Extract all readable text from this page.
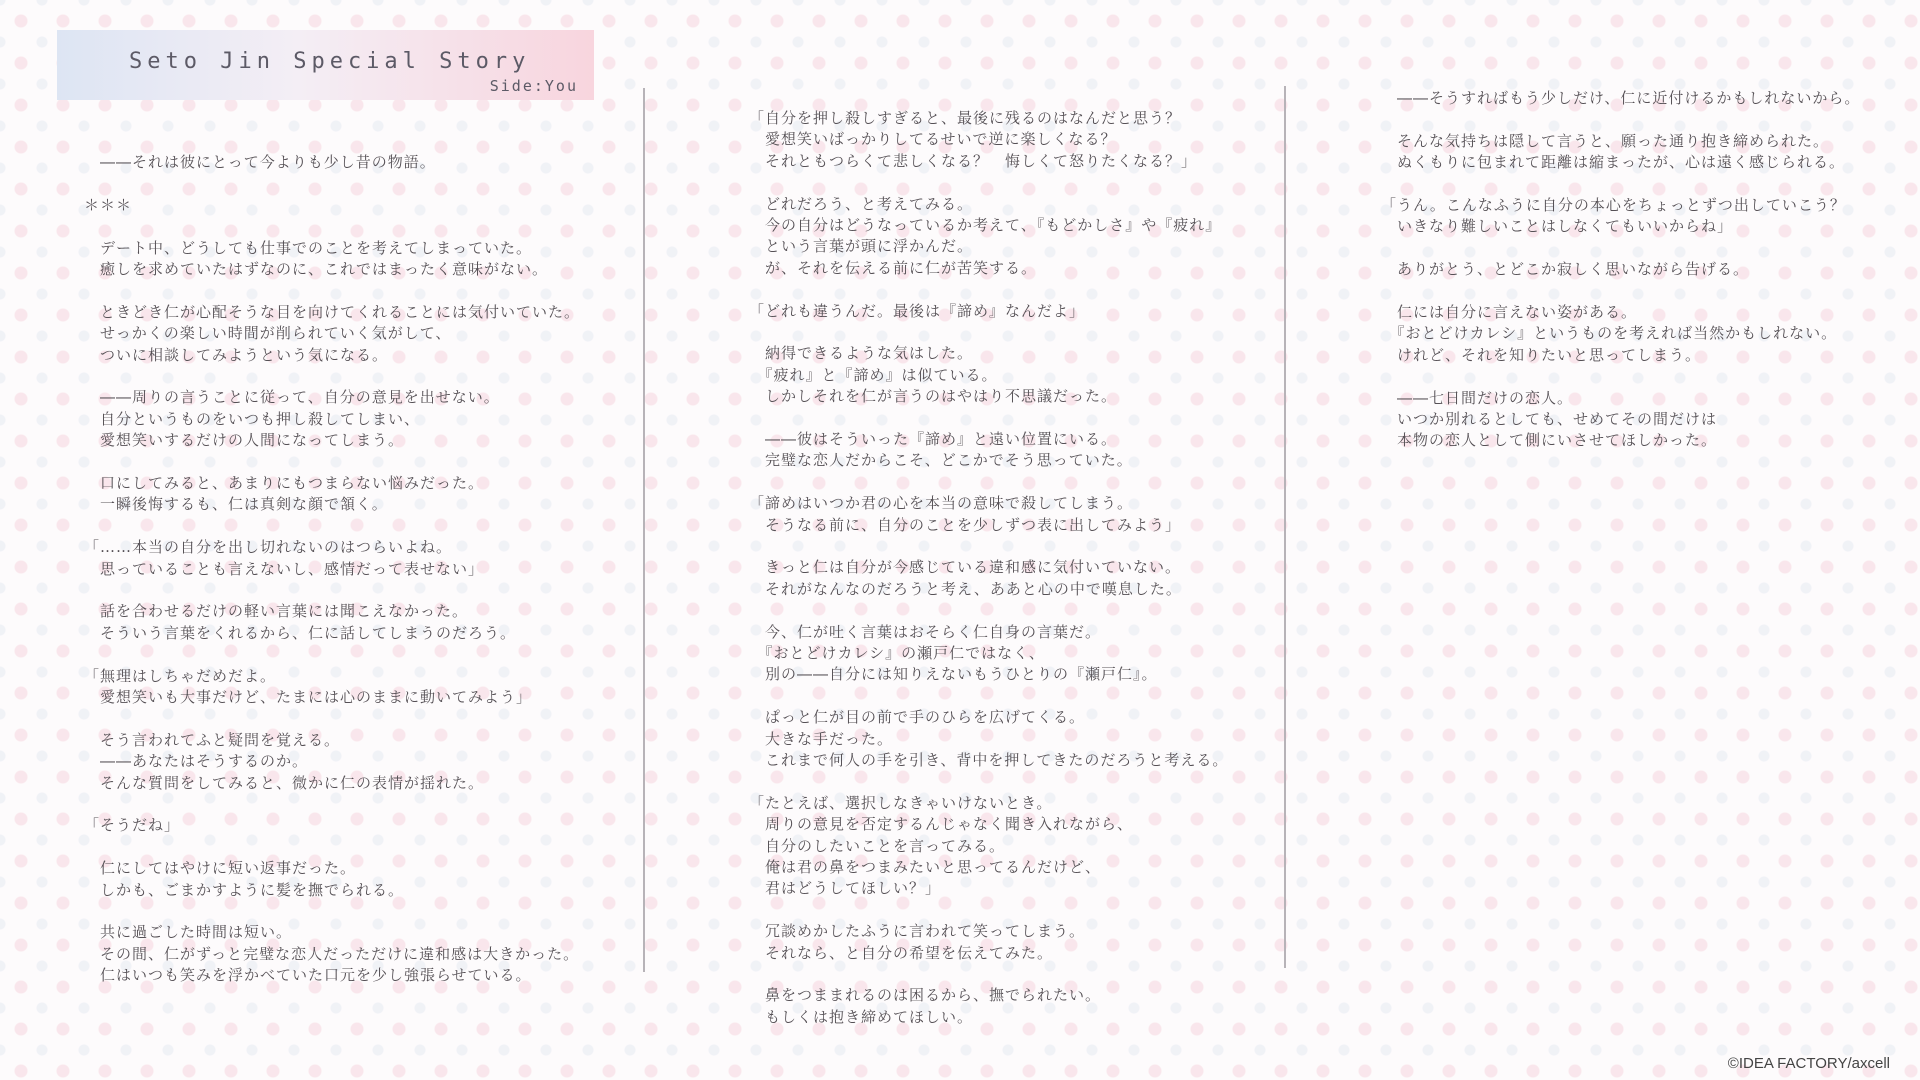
Seto Jin Special Story
Side:You

　――それは彼にとって今よりも少し昔の物語。

＊＊＊

　デート中、どうしても仕事でのことを考えてしまっていた。
　癒しを求めていたはずなのに、これではまったく意味がない。

　ときどき仁が心配そうな目を向けてくれることには気付いていた。
　せっかくの楽しい時間が削られていく気がして、
　ついに相談してみようという気になる。

　――周りの言うことに従って、自分の意見を出せない。
　自分というものをいつも押し殺してしまい、
　愛想笑いするだけの人間になってしまう。

　口にしてみると、あまりにもつまらない悩みだった。
　一瞬後悔するも、仁は真剣な顔で頷く。

「……本当の自分を出し切れないのはつらいよね。
　思っていることも言えないし、感情だって表せない」

　話を合わせるだけの軽い言葉には聞こえなかった。
　そういう言葉をくれるから、仁に話してしまうのだろう。

「無理はしちゃだめだよ。
　愛想笑いも大事だけど、たまには心のままに動いてみよう」

　そう言われてふと疑問を覚える。
　――あなたはそうするのか。
　そんな質問をしてみると、微かに仁の表情が揺れた。

「そうだね」

　仁にしてはやけに短い返事だった。
　しかも、ごまかすように髪を撫でられる。

　共に過ごした時間は短い。
　その間、仁がずっと完璧な恋人だっただけに違和感は大きかった。
　仁はいつも笑みを浮かべていた口元を少し強張らせている。

「自分を押し殺しすぎると、最後に残るのはなんだと思う？
　愛想笑いばっかりしてるせいで逆に楽しくなる？
　それともつらくて悲しくなる？　悔しくて怒りたくなる？」

　どれだろう、と考えてみる。
　今の自分はどうなっているか考えて、『もどかしさ』や『疲れ』
　という言葉が頭に浮かんだ。
　が、それを伝える前に仁が苦笑する。

「どれも違うんだ。最後は『諦め』なんだよ」

　納得できるような気はした。
　『疲れ』と『諦め』は似ている。
　しかしそれを仁が言うのはやはり不思議だった。

　――彼はそういった『諦め』と遠い位置にいる。
　完璧な恋人だからこそ、どこかでそう思っていた。

「諦めはいつか君の心を本当の意味で殺してしまう。
　そうなる前に、自分のことを少しずつ表に出してみよう」

　きっと仁は自分が今感じている違和感に気付いていない。
　それがなんなのだろうと考え、ああと心の中で嘆息した。

　今、仁が吐く言葉はおそらく仁自身の言葉だ。
　『おとどけカレシ』の瀬戸仁ではなく、
　別の――自分には知りえないもうひとりの『瀬戸仁』。

　ぱっと仁が目の前で手のひらを広げてくる。
　大きな手だった。
　これまで何人の手を引き、背中を押してきたのだろうと考える。

「たとえば、選択しなきゃいけないとき。
　周りの意見を否定するんじゃなく聞き入れながら、
　自分のしたいことを言ってみる。
　俺は君の鼻をつまみたいと思ってるんだけど、
　君はどうしてほしい？」

　冗談めかしたふうに言われて笑ってしまう。
　それなら、と自分の希望を伝えてみた。

　鼻をつままれるのは困るから、撫でられたい。
　もしくは抱き締めてほしい。

　――そうすればもう少しだけ、仁に近付けるかもしれないから。

　そんな気持ちは隠して言うと、願った通り抱き締められた。
　ぬくもりに包まれて距離は縮まったが、心は遠く感じられる。

「うん。こんなふうに自分の本心をちょっとずつ出していこう？
　いきなり難しいことはしなくてもいいからね」

　ありがとう、とどこか寂しく思いながら告げる。

　仁には自分に言えない姿がある。
　『おとどけカレシ』というものを考えれば当然かもしれない。
　けれど、それを知りたいと思ってしまう。

　――七日間だけの恋人。
　いつか別れるとしても、せめてその間だけは
　本物の恋人として側にいさせてほしかった。

©IDEA FACTORY/axcell
